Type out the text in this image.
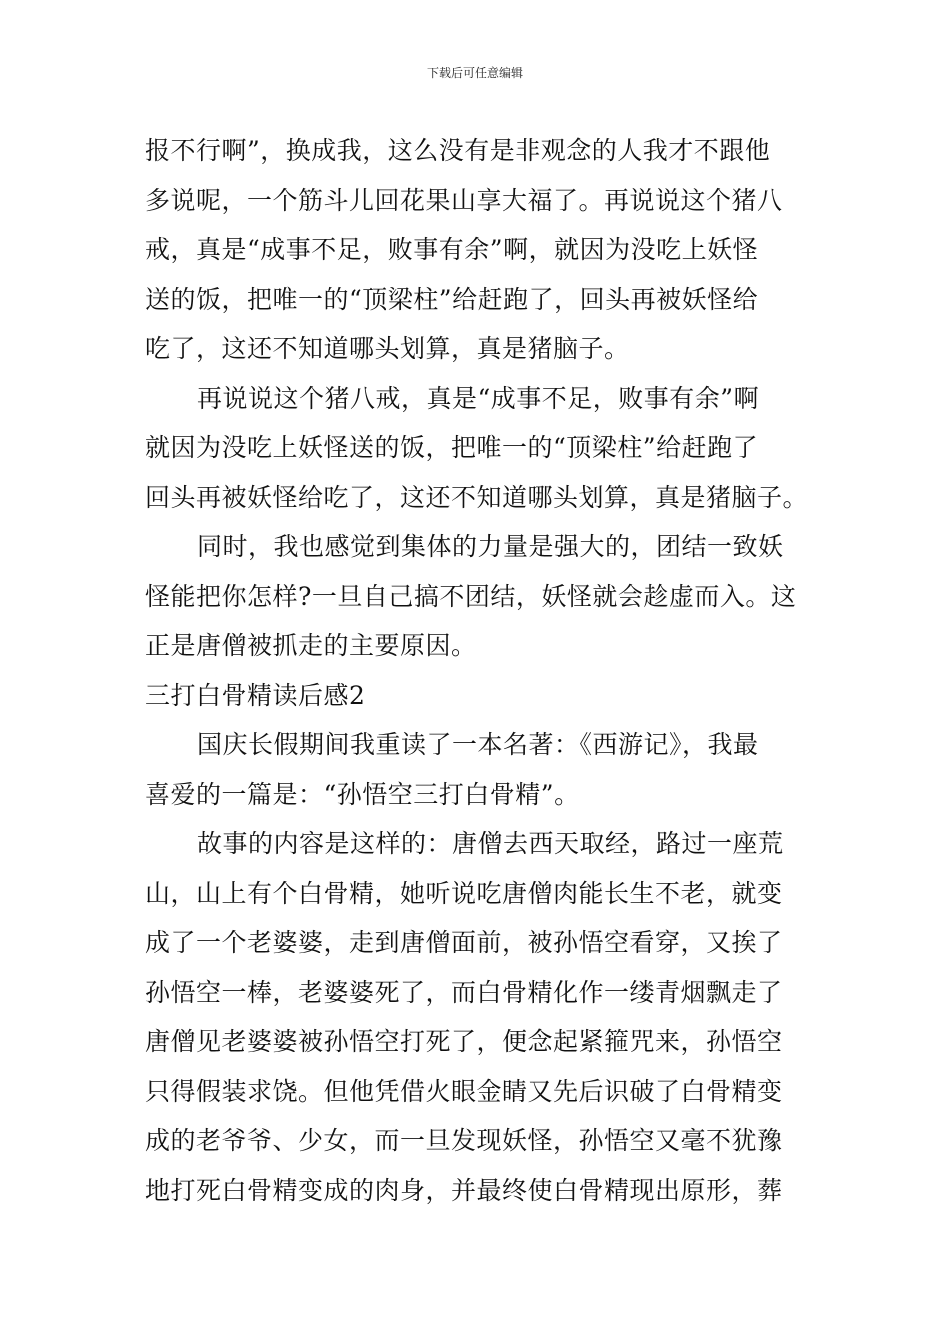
下载后可任意编辑
报不行啊”，换成我，这么没有是非观念的人我才不跟他
多说呢，一个筋斗儿回花果山享大福了。再说说这个猪八
戒，真是“成事不足，败事有余”啊，就因为没吃上妖怪
送的饭，把唯一的“顶梁柱”给赶跑了，回头再被妖怪给
吃了，这还不知道哪头划算，真是猪脑子。
再说说这个猪八戒，真是“成事不足，败事有余”啊
就因为没吃上妖怪送的饭，把唯一的“顶梁柱”给赶跑了
回头再被妖怪给吃了，这还不知道哪头划算，真是猪脑子。
同时，我也感觉到集体的力量是强大的，团结一致妖
怪能把你怎样?一旦自己搞不团结，妖怪就会趁虚而入。这
正是唐僧被抓走的主要原因。
三打白骨精读后感2
国庆长假期间我重读了一本名著：《西游记》，我最
喜爱的一篇是：“孙悟空三打白骨精”。
故事的内容是这样的：唐僧去西天取经，路过一座荒
山，山上有个白骨精，她听说吃唐僧肉能长生不老，就变
成了一个老婆婆，走到唐僧面前，被孙悟空看穿，又挨了
孙悟空一棒，老婆婆死了，而白骨精化作一缕青烟飘走了
唐僧见老婆婆被孙悟空打死了，便念起紧箍咒来，孙悟空
只得假装求饶。但他凭借火眼金睛又先后识破了白骨精变
成的老爷爷、少女，而一旦发现妖怪，孙悟空又毫不犹豫
地打死白骨精变成的肉身，并最终使白骨精现出原形，葬
